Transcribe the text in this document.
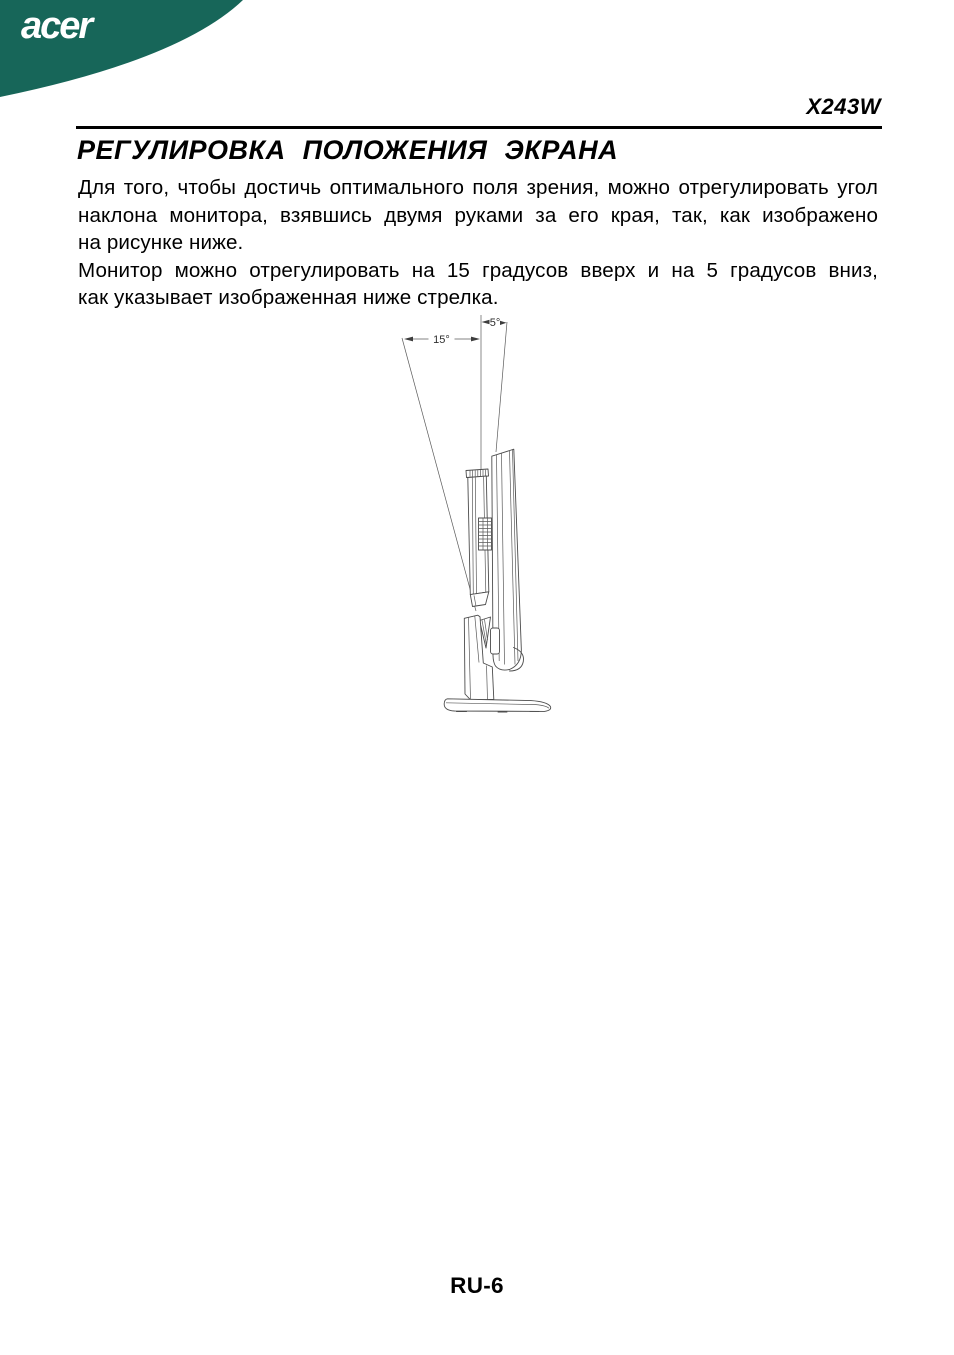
acer
X243W
РЕГУЛИРОВКА ПОЛОЖЕНИЯ ЭКРАНА
Для того, чтобы достичь оптимального поля зрения, можно отрегулировать угол
наклона монитора, взявшись двумя руками за его края, так, как изображено
на рисунке ниже.
Монитор можно отрегулировать на 15 градусов вверх и на 5 градусов вниз,
как указывает изображенная ниже стрелка.
15°
5°
RU-6
